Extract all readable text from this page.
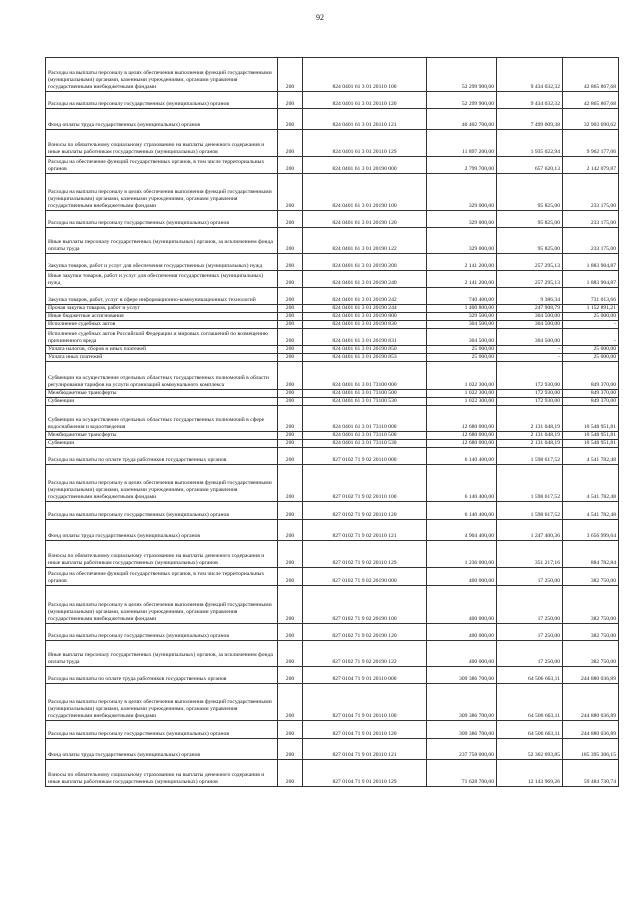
92
Расходы на выплаты персоналу в целях обеспечения выполнения функций государственными (муниципальными) органами, казенными учреждениями, органами управления государственными внебюджетными фондами	200	824 0401 61 3 01 20110 100	52 299 900,00	9 434 032,32	42 865 867,68
Расходы на выплаты персоналу государственных (муниципальных) органов	200	824 0401 61 3 01 20110 120	52 299 900,00	9 434 032,32	42 865 867,68
Фонд оплаты труда государственных (муниципальных) органов	200	824 0401 61 3 01 20110 121	40 402 700,00	7 499 009,38	32 903 690,62
Взносы по обязательному социальному страхованию на выплаты денежного содержания и иные выплаты работникам государственных (муниципальных) органов	200	824 0401 61 3 01 20110 129	11 897 200,00	1 935 022,94	9 962 177,06
Расходы на обеспечение функций государственных органов, в том числе территориальных органов	200	824 0401 61 3 01 20190 000	2 799 700,00	657 620,13	2 142 079,87
Расходы на выплаты персоналу в целях обеспечения выполнения функций государственными (муниципальными) органами, казенными учреждениями, органами управления государственными внебюджетными фондами	200	824 0401 61 3 01 20190 100	329 000,00	95 825,00	233 175,00
Расходы на выплаты персоналу государственных (муниципальных) органов	200	824 0401 61 3 01 20190 120	329 000,00	95 825,00	233 175,00
Иные выплаты персоналу государственных (муниципальных) органов, за исключением фонда оплаты труда	200	824 0401 61 3 01 20190 122	329 000,00	95 825,00	233 175,00
Закупка товаров, работ и услуг для обеспечения государственных (муниципальных) нужд	200	824 0401 61 3 01 20190 200	2 141 200,00	257 295,13	1 883 904,87
Иные закупки товаров, работ и услуг для обеспечения государственных (муниципальных) нужд	200	824 0401 61 3 01 20190 240	2 141 200,00	257 295,13	1 883 904,87
Закупка товаров, работ, услуг в сфере информационно-коммуникационных технологий	200	824 0401 61 3 01 20190 242	740 400,00	9 386,34	731 013,66
Прочая закупка товаров, работ и услуг	200	824 0401 61 3 01 20190 244	1 400 800,00	247 908,79	1 152 891,21
Иные бюджетные ассигнования	200	824 0401 61 3 01 20190 800	329 500,00	304 500,00	25 000,00
Исполнение судебных актов	200	824 0401 61 3 01 20190 830	304 500,00	304 500,00	-
Исполнение судебных актов Российской Федерации и мировых соглашений по возмещению причиненного вреда	200	824 0401 61 3 01 20190 831	304 500,00	304 500,00	-
Уплата налогов, сборов и иных платежей	200	824 0401 61 3 01 20190 850	25 000,00	-	25 000,00
Уплата иных платежей	200	824 0401 61 3 01 20190 853	25 000,00	-	25 000,00
Субвенции на осуществление отдельных областных государственных полномочий в области регулирования тарифов на услуги организаций коммунального комплекса	200	824 0401 61 3 01 73100 000	1 022 300,00	172 930,00	849 370,00
Межбюджетные трансферты	200	824 0401 61 3 01 73100 500	1 022 300,00	172 930,00	849 370,00
Субвенции	200	824 0401 61 3 01 73100 530	1 022 300,00	172 930,00	849 370,00
Субвенции на осуществление отдельных областных государственных полномочий в сфере водоснабжения и водоотведения	200	824 0401 61 3 01 73110 000	12 680 000,00	2 131 048,19	10 548 951,81
Межбюджетные трансферты	200	824 0401 61 3 01 73110 500	12 680 000,00	2 131 048,19	10 548 951,81
Субвенции	200	824 0401 61 3 01 73110 530	12 680 000,00	2 131 048,19	10 548 951,81
Расходы на выплаты по оплате труда работников государственных органов	200	827 0102 71 9 02 20110 000	6 140 400,00	1 598 617,52	4 541 782,48
Расходы на выплаты персоналу в целях обеспечения выполнения функций государственными (муниципальными) органами, казенными учреждениями, органами управления государственными внебюджетными фондами	200	827 0102 71 9 02 20110 100	6 140 400,00	1 598 617,52	4 541 782,48
Расходы на выплаты персоналу государственных (муниципальных) органов	200	827 0102 71 9 02 20110 120	6 140 400,00	1 598 617,52	4 541 782,48
Фонд оплаты труда государственных (муниципальных) органов	200	827 0102 71 9 02 20110 121	4 904 400,00	1 247 400,36	3 656 999,64
Взносы по обязательному социальному страхованию на выплаты денежного содержания и иные выплаты работникам государственных (муниципальных) органов	200	827 0102 71 9 02 20110 129	1 236 000,00	351 217,16	884 782,84
Расходы на обеспечение функций государственных органов, в том числе территориальных органов	200	827 0102 71 9 02 20190 000	400 000,00	17 250,00	382 750,00
Расходы на выплаты персоналу в целях обеспечения выполнения функций государственными (муниципальными) органами, казенными учреждениями, органами управления государственными внебюджетными фондами	200	827 0102 71 9 02 20190 100	400 000,00	17 250,00	382 750,00
Расходы на выплаты персоналу государственных (муниципальных) органов	200	827 0102 71 9 02 20190 120	400 000,00	17 250,00	382 750,00
Иные выплаты персоналу государственных (муниципальных) органов, за исключением фонда оплаты труда	200	827 0102 71 9 02 20190 122	400 000,00	17 250,00	382 750,00
Расходы на выплаты по оплате труда работников государственных органов	200	827 0104 71 9 01 20110 000	309 386 700,00	64 506 663,11	244 880 036,89
Расходы на выплаты персоналу в целях обеспечения выполнения функций государственными (муниципальными) органами, казенными учреждениями, органами управления государственными внебюджетными фондами	200	827 0104 71 9 01 20110 100	309 386 700,00	64 506 663,11	244 880 036,89
Расходы на выплаты персоналу государственных (муниципальных) органов	200	827 0104 71 9 01 20110 120	309 386 700,00	64 506 663,11	244 880 036,89
Фонд оплаты труда государственных (муниципальных) органов	200	827 0104 71 9 01 20110 121	237 758 000,00	52 362 693,85	185 395 306,15
Взносы по обязательному социальному страхованию на выплаты денежного содержания и иные выплаты работникам государственных (муниципальных) органов	200	827 0104 71 9 01 20110 129	71 628 700,00	12 143 969,26	59 484 730,74
